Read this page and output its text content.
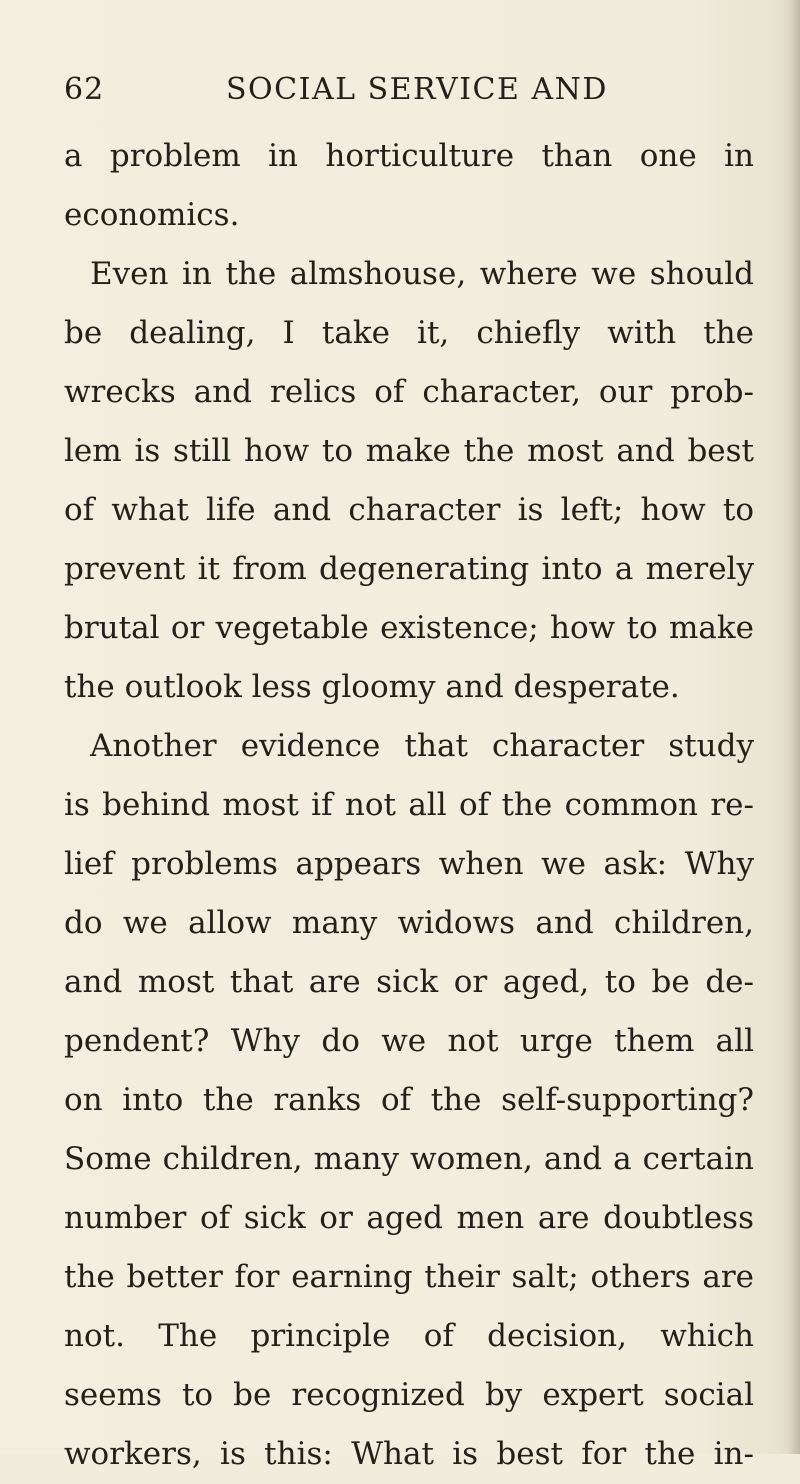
62	SOCIAL SERVICE AND
a problem in horticulture than one in
economics.
Even in the almshouse, where we should
be dealing, I take it, chiefly with the
wrecks and relics of character, our prob-
lem is still how to make the most and best
of what life and character is left; how to
prevent it from degenerating into a merely
brutal or vegetable existence; how to make
the outlook less gloomy and desperate.
Another evidence that character study
is behind most if not all of the common re-
lief problems appears when we ask: Why
do we allow many widows and children,
and most that are sick or aged, to be de-
pendent? Why do we not urge them all
on into the ranks of the self-supporting?
Some children, many women, and a certain
number of sick or aged men are doubtless
the better for earning their salt; others are
not. The principle of decision, which
seems to be recognized by expert social
workers, is this: What is best for the in-
